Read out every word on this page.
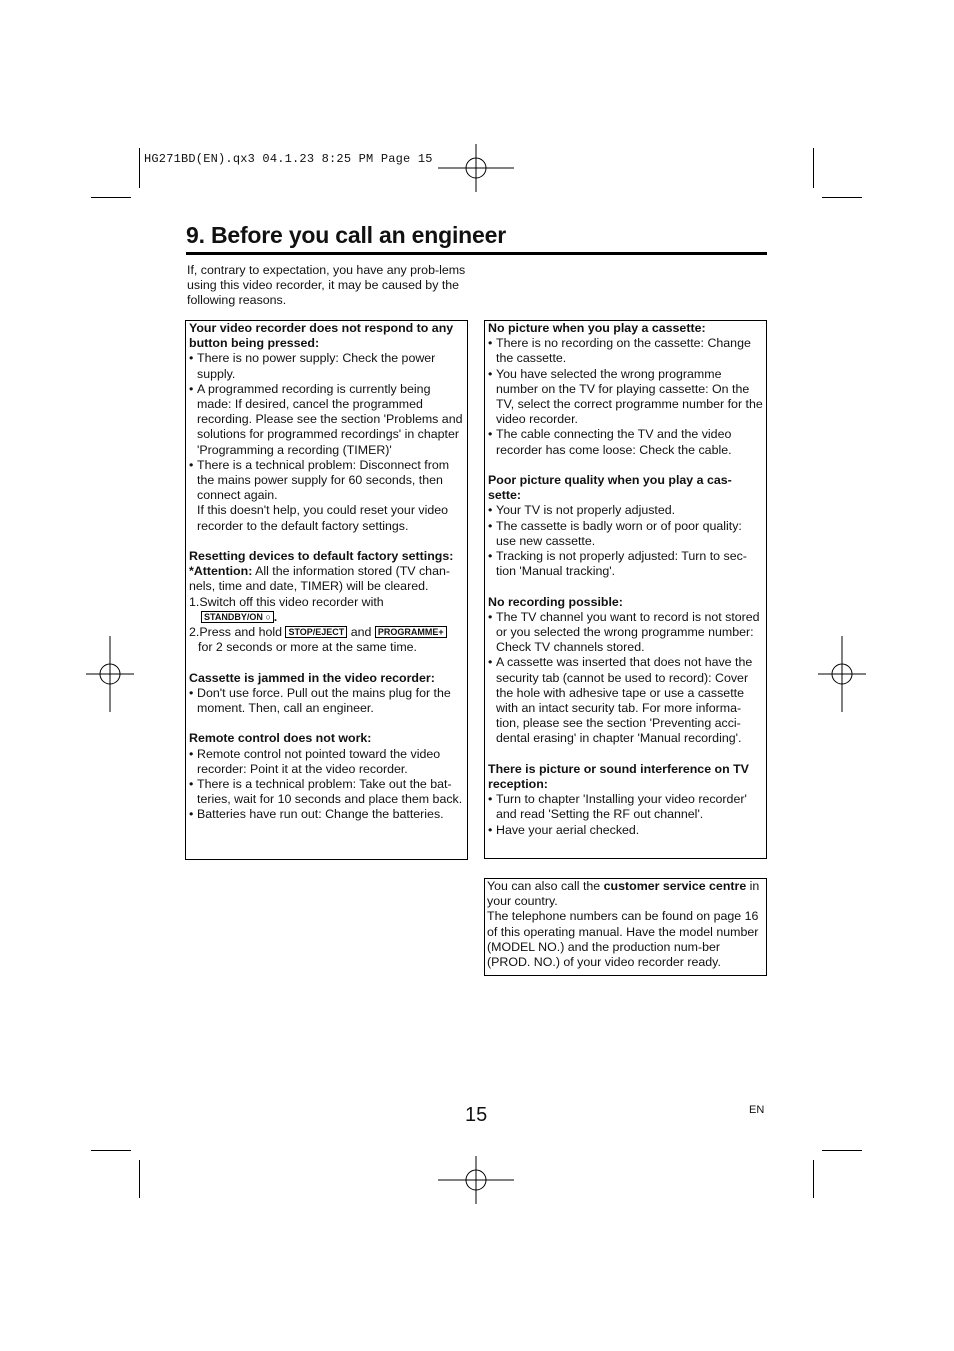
HG271BD(EN).qx3 04.1.23 8:25 PM Page 15
9. Before you call an engineer
If, contrary to expectation, you have any prob-lems using this video recorder, it may be caused by the following reasons.
Your video recorder does not respond to any button being pressed:
• There is no power supply: Check the power supply.
• A programmed recording is currently being made: If desired, cancel the programmed recording. Please see the section 'Problems and solutions for programmed recordings' in chapter 'Programming a recording (TIMER)'
• There is a technical problem: Disconnect from the mains power supply for 60 seconds, then connect again.

If this doesn't help, you could reset your video recorder to the default factory settings.

Resetting devices to default factory settings:

*Attention: All the information stored (TV chan-nels, time and date, TIMER) will be cleared.

1.Switch off this video recorder with
STANDBY/ON ○ .

2.Press and hold STOP/EJECT and PROGRAMME+

for 2 seconds or more at the same time.

Cassette is jammed in the video recorder:
• Don't use force. Pull out the mains plug for the moment. Then, call an engineer.
Remote control does not work:
• Remote control not pointed toward the video recorder: Point it at the video recorder.
• There is a technical problem: Take out the bat-teries, wait for 10 seconds and place them back.
• Batteries have run out: Change the batteries.
No picture when you play a cassette:
• There is no recording on the cassette: Change the cassette.
• You have selected the wrong programme number on the TV for playing cassette: On the TV, select the correct programme number for the video recorder.
• The cable connecting the TV and the video recorder has come loose: Check the cable.
Poor picture quality when you play a cas-sette:
• Your TV is not properly adjusted.
• The cassette is badly worn or of poor quality: use new cassette.
• Tracking is not properly adjusted: Turn to sec-tion 'Manual tracking'.
No recording possible:
• The TV channel you want to record is not stored or you selected the wrong programme number: Check TV channels stored.
• A cassette was inserted that does not have the security tab (cannot be used to record): Cover the hole with adhesive tape or use a cassette with an intact security tab. For more informa-tion, please see the section 'Preventing acci-dental erasing' in chapter 'Manual recording'.
There is picture or sound interference on TV reception:
• Turn to chapter 'Installing your video recorder' and read 'Setting the RF out channel'.
• Have your aerial checked.

You can also call the customer service centre in your country.

The telephone numbers can be found on page 16 of this operating manual. Have the model number (MODEL NO.) and the production num-ber (PROD. NO.) of your video recorder ready.

15	EN
